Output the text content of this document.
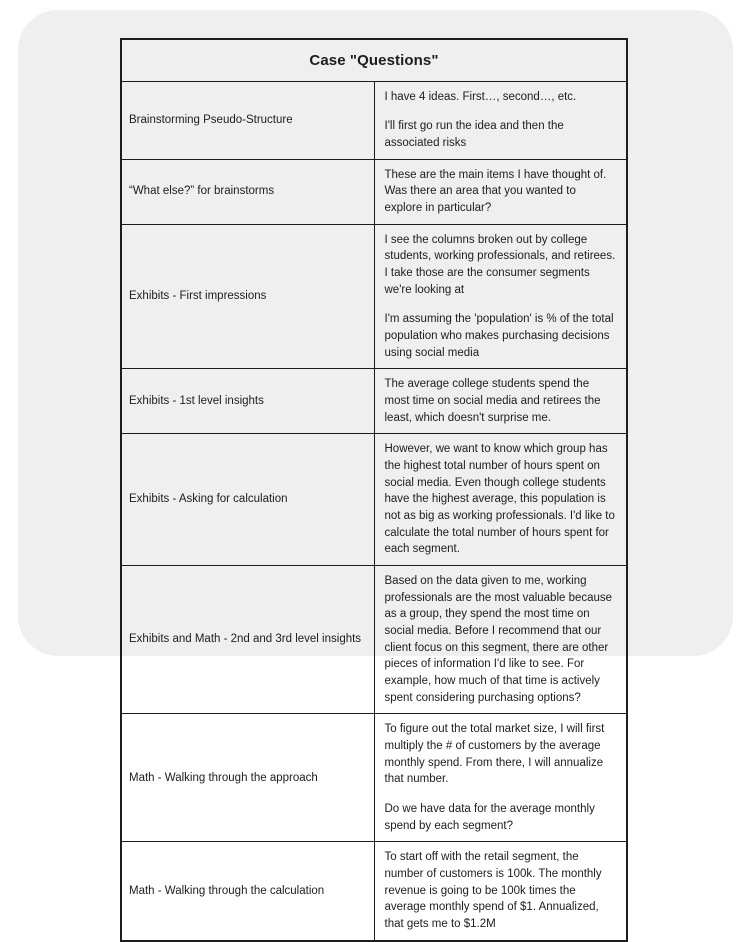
Case "Questions"	
Brainstorming Pseudo-Structure	I have 4 ideas. First…, second…, etc.

I'll first go run the idea and then the associated risks

“What else?” for brainstorms	These are the main items I have thought of. Was there an area that you wanted to explore in particular?

Exhibits - First impressions	I see the columns broken out by college students, working professionals, and retirees. I take those are the consumer segments we're looking at

I'm assuming the 'population' is % of the total population who makes purchasing decisions using social media

Exhibits - 1st level insights	The average college students spend the most time on social media and retirees the least, which doesn't surprise me.

Exhibits - Asking for calculation	However, we want to know which group has the highest total number of hours spent on social media. Even though college students have the highest average, this population is not as big as working professionals. I'd like to calculate the total number of hours spent for each segment.

Exhibits and Math - 2nd and 3rd level insights	Based on the data given to me, working professionals are the most valuable because as a group, they spend the most time on social media. Before I recommend that our client focus on this segment, there are other pieces of information I'd like to see. For example, how much of that time is actively spent considering purchasing options?

Math - Walking through the approach	To figure out the total market size, I will first multiply the # of customers by the average monthly spend. From there, I will annualize that number.

Do we have data for the average monthly spend by each segment?

Math - Walking through the calculation	To start off with the retail segment, the number of customers is 100k. The monthly revenue is going to be 100k times the average monthly spend of $1. Annualized, that gets me to $1.2M
